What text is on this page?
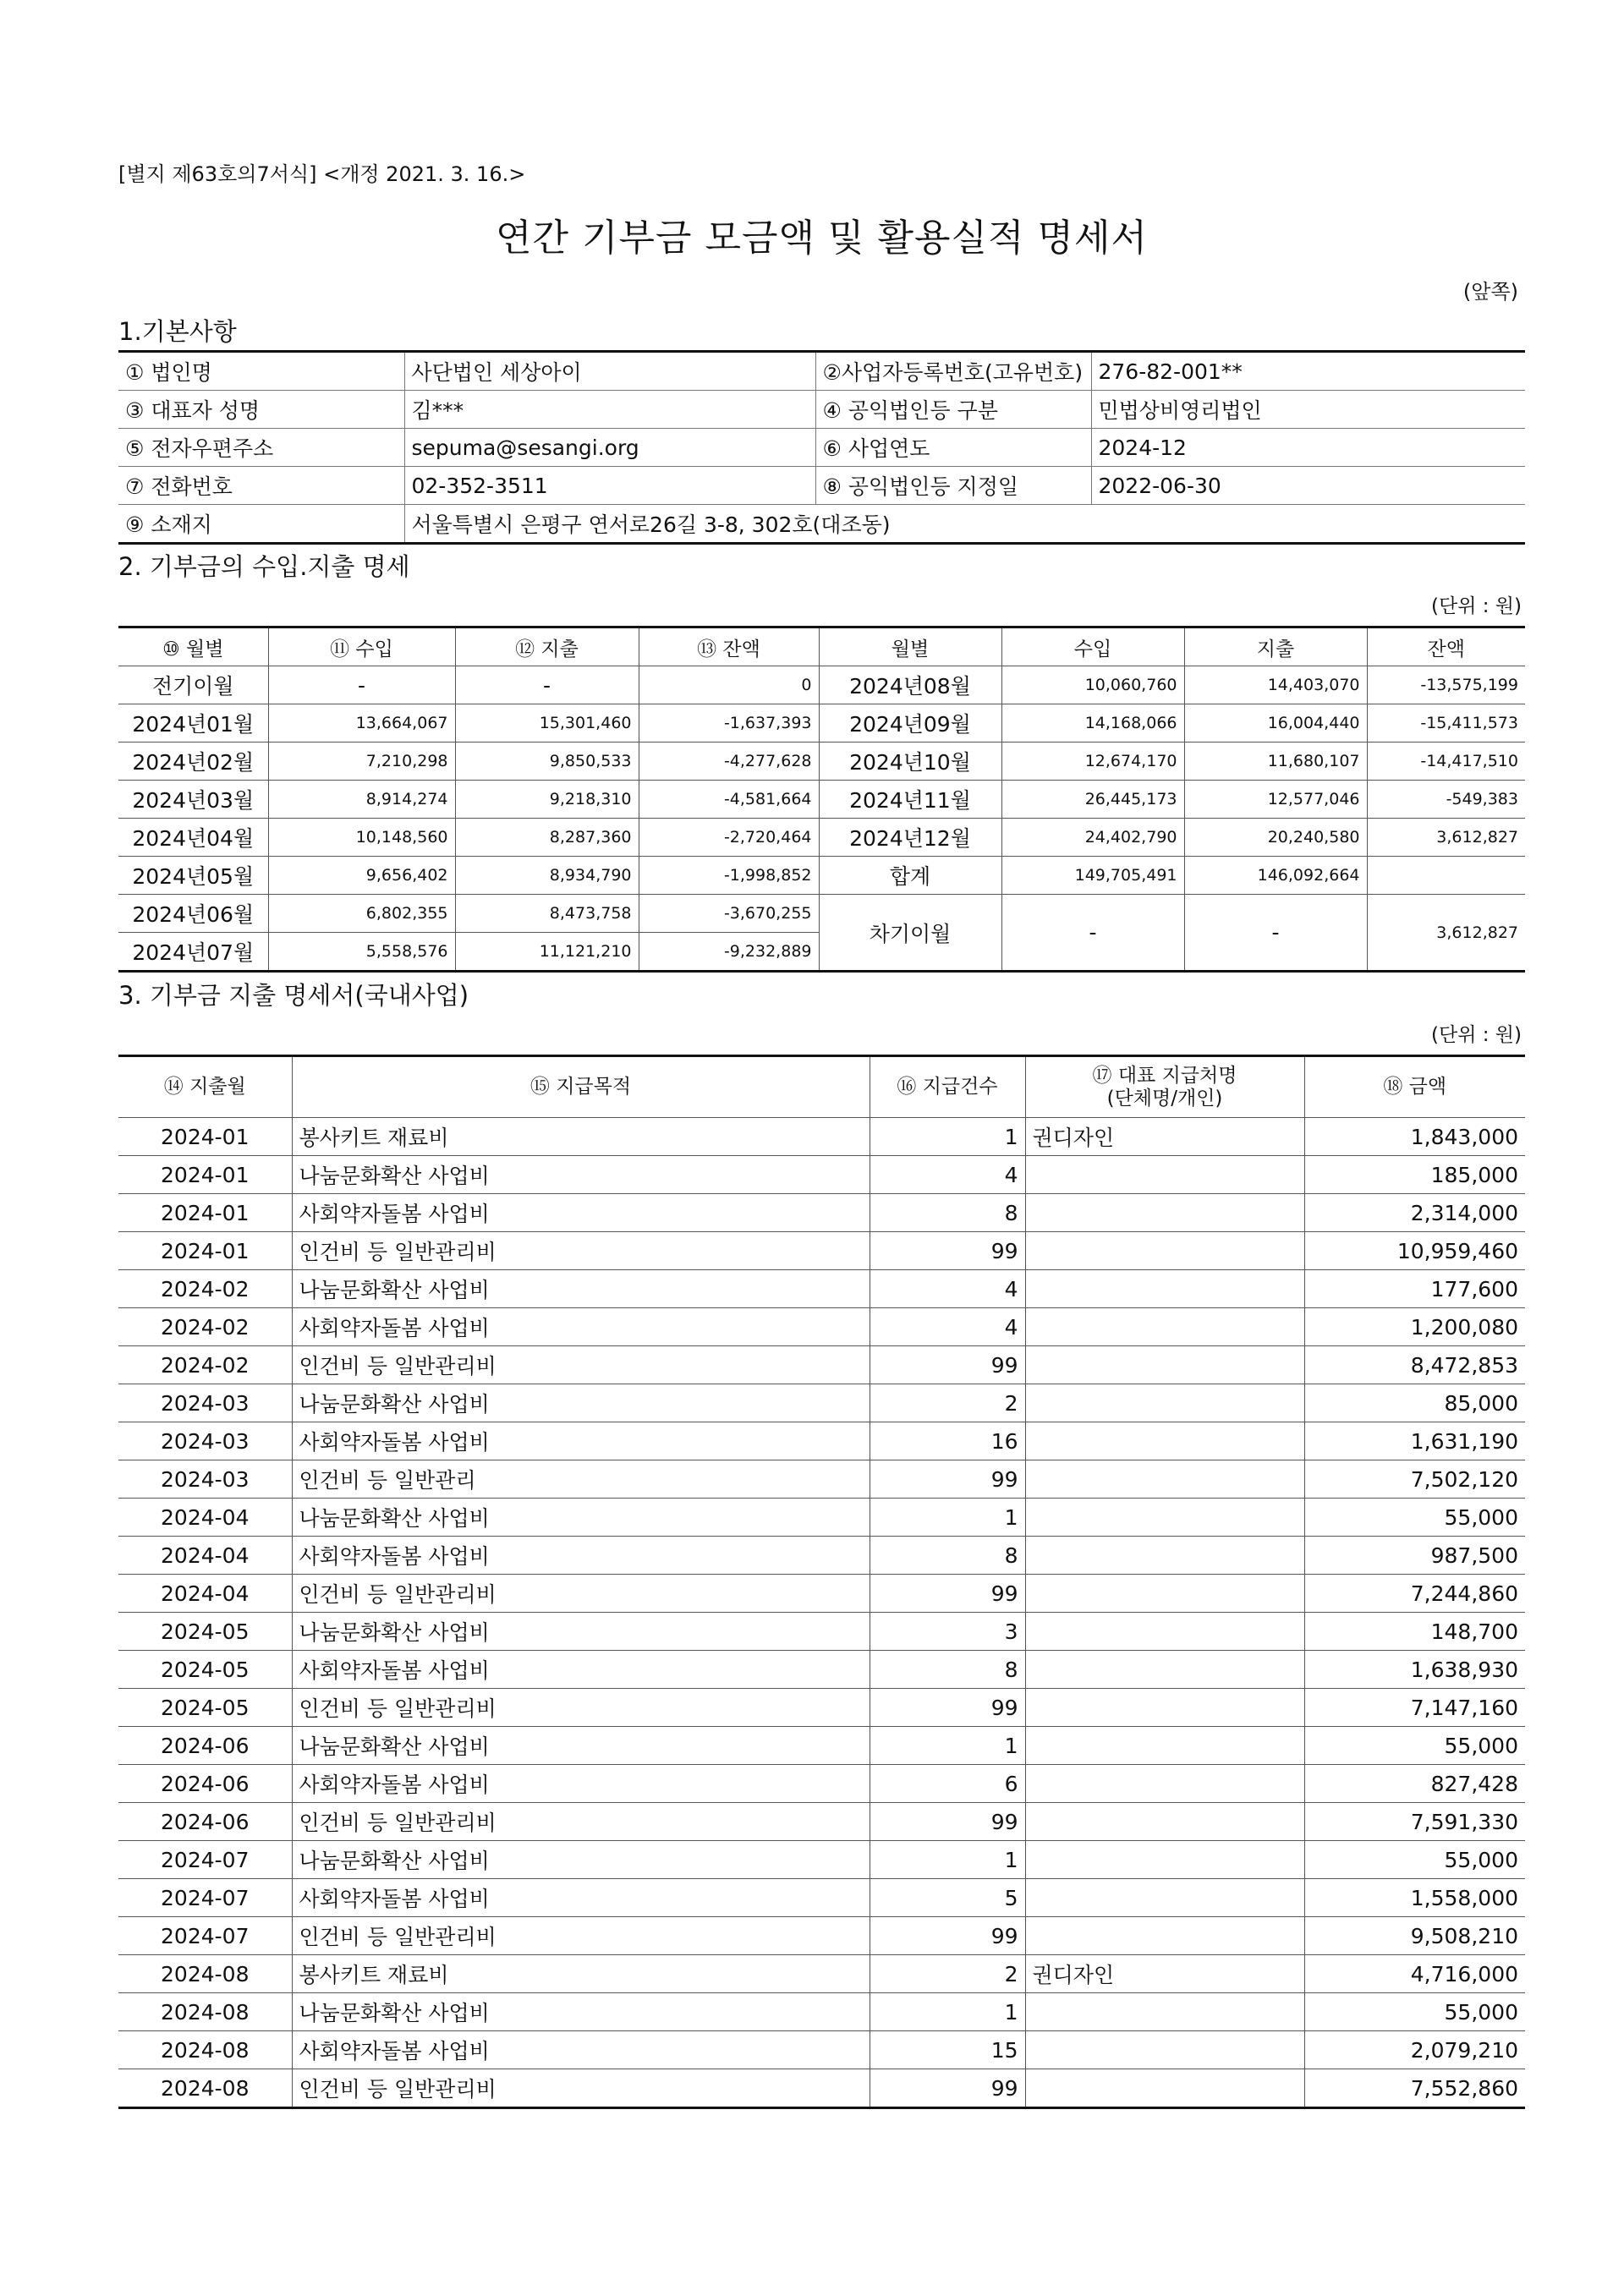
[별지 제63호의7서식] <개정 2021. 3. 16.>
연간 기부금 모금액 및 활용실적 명세서
(앞쪽)
1.기본사항
① 법인명	사단법인 세상아이	②사업자등록번호(고유번호)	276-82-001**
③ 대표자 성명	김***	④ 공익법인등 구분	민법상비영리법인
⑤ 전자우편주소	sepuma@sesangi.org	⑥ 사업연도	2024-12
⑦ 전화번호	02-352-3511	⑧ 공익법인등 지정일	2022-06-30
⑨ 소재지	서울특별시 은평구 연서로26길 3-8, 302호(대조동)		
2. 기부금의 수입.지출 명세
(단위 : 원)
⑩ 월별	⑪ 수입	⑫ 지출	⑬ 잔액	월별	수입	지출	잔액
전기이월	-	-	0	2024년08월	10,060,760	14,403,070	-13,575,199
2024년01월	13,664,067	15,301,460	-1,637,393	2024년09월	14,168,066	16,004,440	-15,411,573
2024년02월	7,210,298	9,850,533	-4,277,628	2024년10월	12,674,170	11,680,107	-14,417,510
2024년03월	8,914,274	9,218,310	-4,581,664	2024년11월	26,445,173	12,577,046	-549,383
2024년04월	10,148,560	8,287,360	-2,720,464	2024년12월	24,402,790	20,240,580	3,612,827
2024년05월	9,656,402	8,934,790	-1,998,852	합계	149,705,491	146,092,664	
2024년06월	6,802,355	8,473,758	-3,670,255	차기이월	-	-	3,612,827
2024년07월	5,558,576	11,121,210	-9,232,889				
3. 기부금 지출 명세서(국내사업)
(단위 : 원)
⑭ 지출월	⑮ 지급목적	⑯ 지급건수	⑰ 대표 지급처명
(단체명/개인)	⑱ 금액
2024-01	봉사키트 재료비	1	권디자인	1,843,000
2024-01	나눔문화확산 사업비	4		185,000
2024-01	사회약자돌봄 사업비	8		2,314,000
2024-01	인건비 등 일반관리비	99		10,959,460
2024-02	나눔문화확산 사업비	4		177,600
2024-02	사회약자돌봄 사업비	4		1,200,080
2024-02	인건비 등 일반관리비	99		8,472,853
2024-03	나눔문화확산 사업비	2		85,000
2024-03	사회약자돌봄 사업비	16		1,631,190
2024-03	인건비 등 일반관리	99		7,502,120
2024-04	나눔문화확산 사업비	1		55,000
2024-04	사회약자돌봄 사업비	8		987,500
2024-04	인건비 등 일반관리비	99		7,244,860
2024-05	나눔문화확산 사업비	3		148,700
2024-05	사회약자돌봄 사업비	8		1,638,930
2024-05	인건비 등 일반관리비	99		7,147,160
2024-06	나눔문화확산 사업비	1		55,000
2024-06	사회약자돌봄 사업비	6		827,428
2024-06	인건비 등 일반관리비	99		7,591,330
2024-07	나눔문화확산 사업비	1		55,000
2024-07	사회약자돌봄 사업비	5		1,558,000
2024-07	인건비 등 일반관리비	99		9,508,210
2024-08	봉사키트 재료비	2	권디자인	4,716,000
2024-08	나눔문화확산 사업비	1		55,000
2024-08	사회약자돌봄 사업비	15		2,079,210
2024-08	인건비 등 일반관리비	99		7,552,860
